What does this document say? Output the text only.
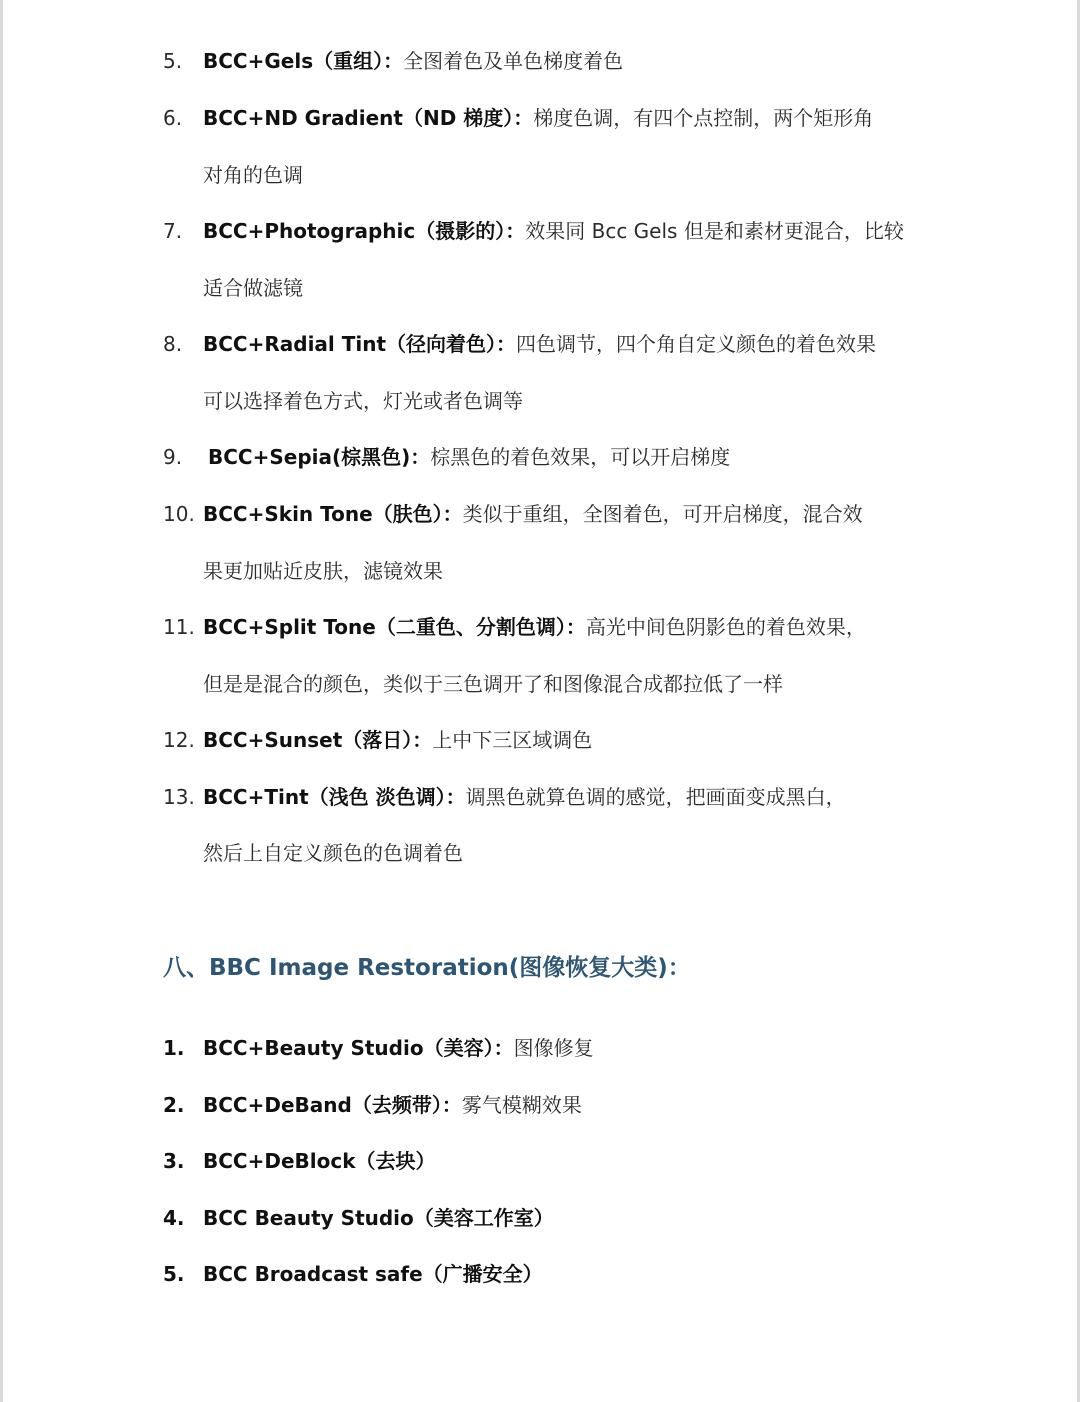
5. BCC+Gels（重组）：全图着色及单色梯度着色
6. BCC+ND Gradient（ND 梯度）：梯度色调，有四个点控制，两个矩形角
对角的色调
7. BCC+Photographic（摄影的）：效果同 Bcc Gels 但是和素材更混合，比较
适合做滤镜
8. BCC+Radial Tint（径向着色）：四色调节，四个角自定义颜色的着色效果
可以选择着色方式，灯光或者色调等
9. BCC+Sepia(棕黑色)：棕黑色的着色效果，可以开启梯度
10. BCC+Skin Tone（肤色）：类似于重组，全图着色，可开启梯度，混合效
果更加贴近皮肤，滤镜效果
11. BCC+Split Tone（二重色、分割色调）：高光中间色阴影色的着色效果，
但是是混合的颜色，类似于三色调开了和图像混合成都拉低了一样
12. BCC+Sunset（落日）：上中下三区域调色
13. BCC+Tint（浅色 淡色调）：调黑色就算色调的感觉，把画面变成黑白，
然后上自定义颜色的色调着色
八、BBC Image Restoration(图像恢复大类)：
1. BCC+Beauty Studio（美容）：图像修复
2. BCC+DeBand（去频带）：雾气模糊效果
3. BCC+DeBlock（去块）
4. BCC Beauty Studio（美容工作室）
5. BCC Broadcast safe（广播安全）
